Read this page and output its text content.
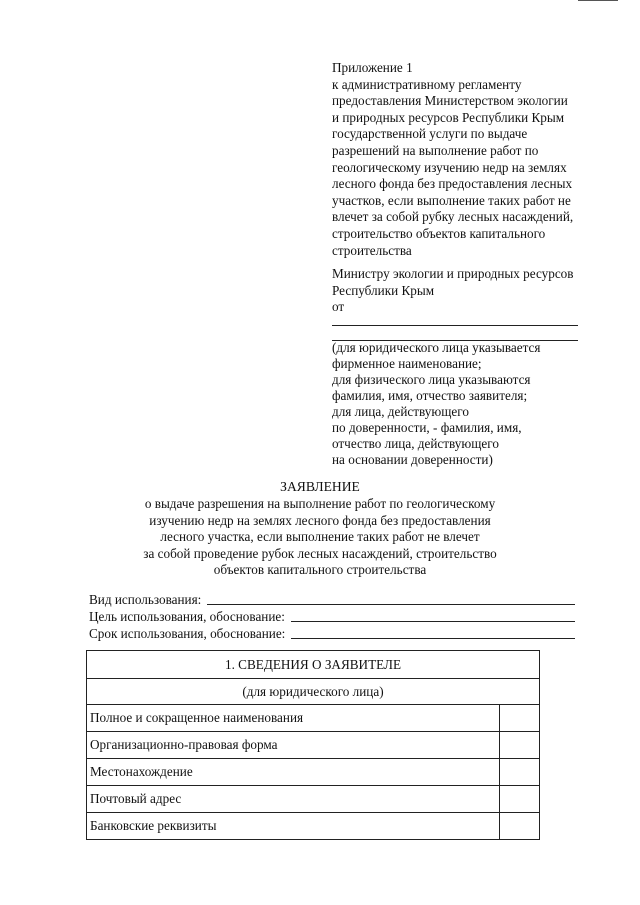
Приложение 1
к административному регламенту
предоставления Министерством экологии
и природных ресурсов Республики Крым
государственной услуги по выдаче
разрешений на выполнение работ по
геологическому изучению недр на землях
лесного фонда без предоставления лесных
участков, если выполнение таких работ не
влечет за собой рубку лесных насаждений,
строительство объектов капитального
строительства
Министру экологии и природных ресурсов
Республики Крым
от
(для юридического лица указывается
фирменное наименование;
для физического лица указываются
фамилия, имя, отчество заявителя;
для лица, действующего
по доверенности, - фамилия, имя,
отчество лица, действующего
на основании доверенности)
ЗАЯВЛЕНИЕ
о выдаче разрешения на выполнение работ по геологическому
изучению недр на землях лесного фонда без предоставления
лесного участка, если выполнение таких работ не влечет
за собой проведение рубок лесных насаждений, строительство
объектов капитального строительства
Вид использования:
Цель использования, обоснование:
Срок использования, обоснование:
1. СВЕДЕНИЯ О ЗАЯВИТЕЛЕ	
(для юридического лица)	
Полное и сокращенное наименования	
Организационно-правовая форма	
Местонахождение	
Почтовый адрес	
Банковские реквизиты	
